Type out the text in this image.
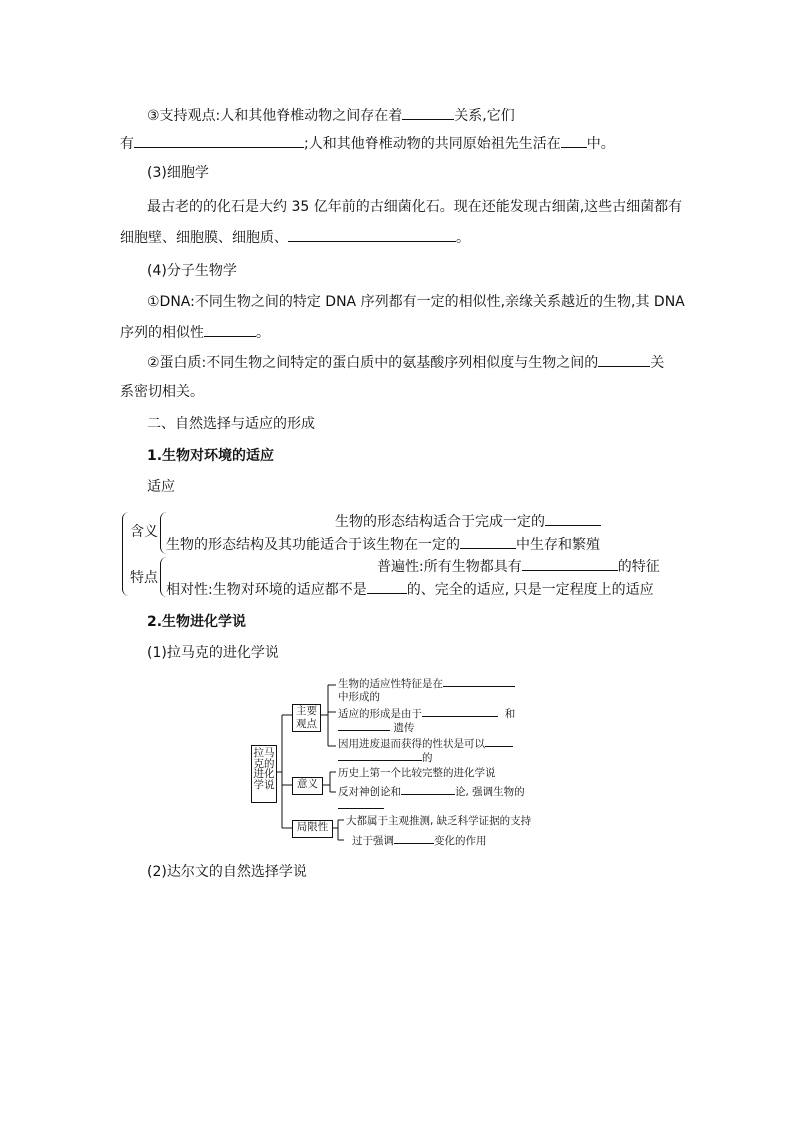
③支持观点:人和其他脊椎动物之间存在着	关系,它们
有	;人和其他脊椎动物的共同原始祖先生活在 中。
(3)细胞学
最古老的的化石是大约 35 亿年前的古细菌化石。现在还能发现古细菌,这些古细菌都有
细胞壁、细胞膜、细胞质、	。
(4)分子生物学
①DNA:不同生物之间的特定 DNA 序列都有一定的相似性,亲缘关系越近的生物,其 DNA
序列的相似性	。
②蛋白质:不同生物之间特定的蛋白质中的氨基酸序列相似度与生物之间的	关
系密切相关。
二、自然选择与适应的形成
1.生物对环境的适应
适应
含义
生物的形态结构适合于完成一定的
生物的形态结构及其功能适合于该生物在一定的	中生存和繁殖
特点
普遍性:所有生物都具有	的特征
相对性:生物对环境的适应都不是	的、完全的适应, 只是一定程度上的适应
2.生物进化学说
(1)拉马克的进化学说
拉马克的进化学说
主要观点
意义
局限性
生物的适应性特征是在
中形成的
适应的形成是由于	和
遗传
因用进废退而获得的性状是可以
的
历史上第一个比较完整的进化学说
反对神创论和	论, 强调生物的
大都属于主观推测, 缺乏科学证据的支持
过于强调	变化的作用
(2)达尔文的自然选择学说
